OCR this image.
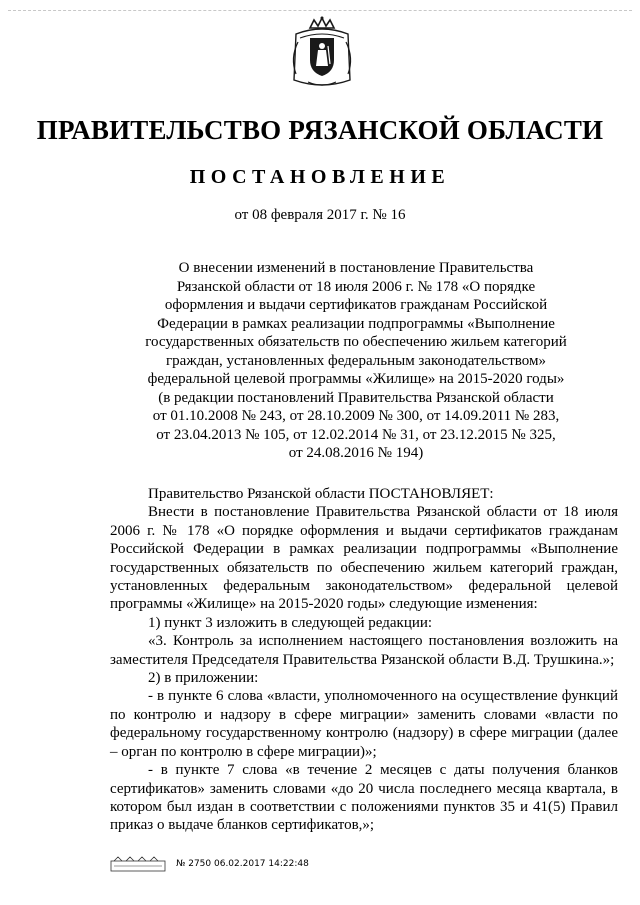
ПРАВИТЕЛЬСТВО РЯЗАНСКОЙ ОБЛАСТИ
ПОСТАНОВЛЕНИЕ
от 08 февраля 2017 г. № 16
О внесении изменений в постановление Правительства
Рязанской области от 18 июля 2006 г. № 178 «О порядке
оформления и выдачи сертификатов гражданам Российской
Федерации в рамках реализации подпрограммы «Выполнение
государственных обязательств по обеспечению жильем категорий
граждан, установленных федеральным законодательством»
федеральной целевой программы «Жилище» на 2015-2020 годы»
(в редакции постановлений Правительства Рязанской области
от 01.10.2008 № 243, от 28.10.2009 № 300, от 14.09.2011 № 283,
от 23.04.2013 № 105, от 12.02.2014 № 31, от 23.12.2015 № 325,
от 24.08.2016 № 194)

Правительство Рязанской области ПОСТАНОВЛЯЕТ:

Внести в постановление Правительства Рязанской области от 18 июля 2006 г. № 178 «О порядке оформления и выдачи сертификатов гражданам Российской Федерации в рамках реализации подпрограммы «Выполнение государственных обязательств по обеспечению жильем категорий граждан, установленных федеральным законодательством» федеральной целевой программы «Жилище» на 2015-2020 годы» следующие изменения:

1) пункт 3 изложить в следующей редакции:

«3. Контроль за исполнением настоящего постановления возложить на заместителя Председателя Правительства Рязанской области В.Д. Трушкина.»;

2) в приложении:

- в пункте 6 слова «власти, уполномоченного на осуществление функций по контролю и надзору в сфере миграции» заменить словами «власти по федеральному государственному контролю (надзору) в сфере миграции (далее – орган по контролю в сфере миграции)»;

- в пункте 7 слова «в течение 2 месяцев с даты получения бланков сертификатов» заменить словами «до 20 числа последнего месяца квартала, в котором был издан в соответствии с положениями пунктов 35 и 41(5) Правил приказ о выдаче бланков сертификатов,»;

№ 2750 06.02.2017 14:22:48
